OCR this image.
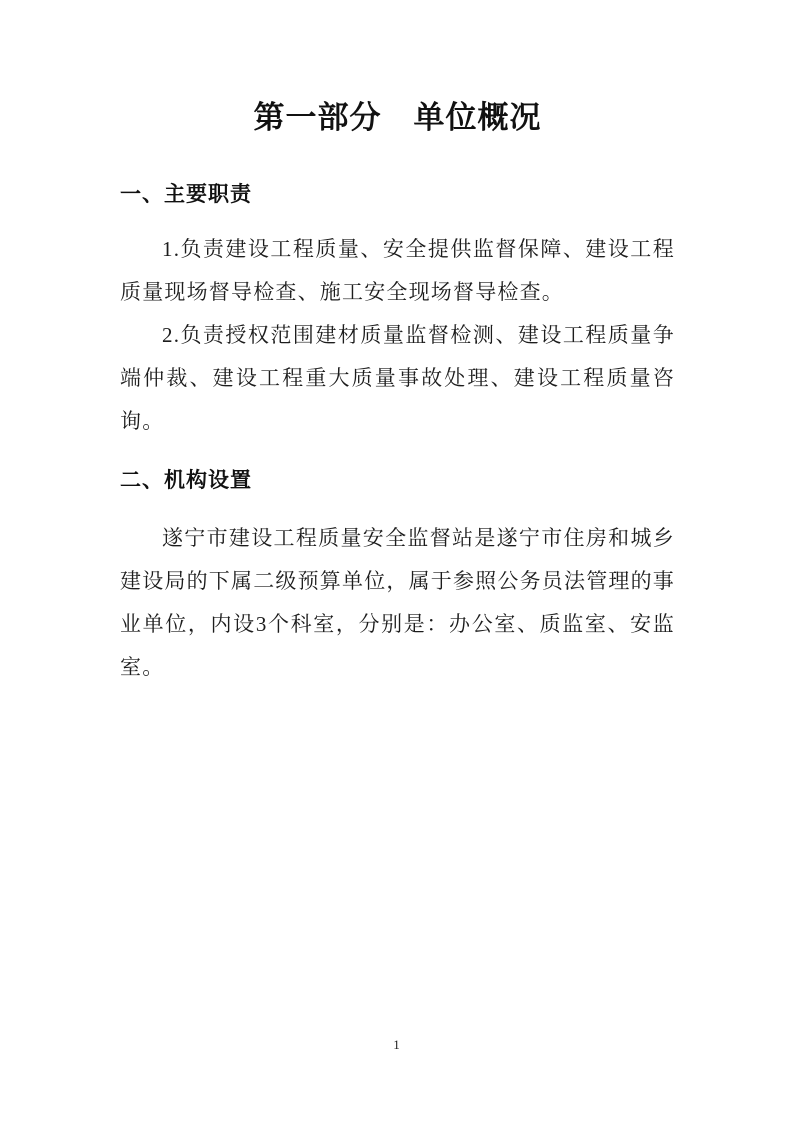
第一部分　单位概况
一、主要职责

1.负责建设工程质量、安全提供监督保障、建设工程质量现场督导检查、施工安全现场督导检查。

2.负责授权范围建材质量监督检测、建设工程质量争端仲裁、建设工程重大质量事故处理、建设工程质量咨询。

二、机构设置

遂宁市建设工程质量安全监督站是遂宁市住房和城乡建设局的下属二级预算单位，属于参照公务员法管理的事业单位，内设3个科室，分别是：办公室、质监室、安监室。

1
